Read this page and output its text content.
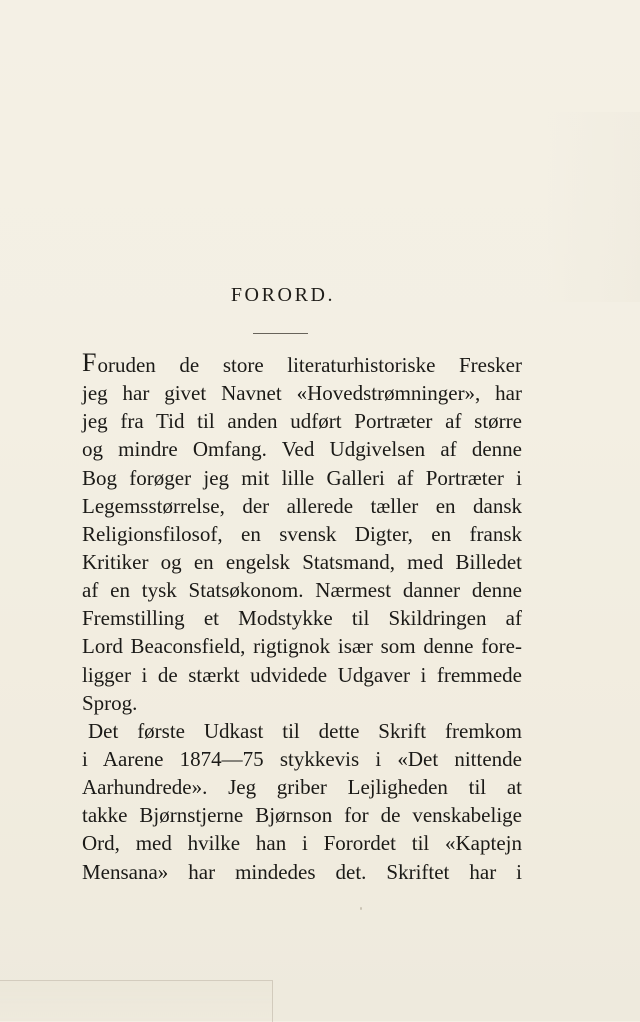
FORORD.
Foruden de store literaturhistoriske Fresker
jeg har givet Navnet «Hovedstrømninger», har
jeg fra Tid til anden udført Portræter af større
og mindre Omfang. Ved Udgivelsen af denne
Bog forøger jeg mit lille Galleri af Portræter i
Legemsstørrelse, der allerede tæller en dansk
Religionsfilosof, en svensk Digter, en fransk
Kritiker og en engelsk Statsmand, med Billedet
af en tysk Statsøkonom. Nærmest danner denne
Fremstilling et Modstykke til Skildringen af
Lord Beaconsfield, rigtignok især som denne fore-
ligger i de stærkt udvidede Udgaver i fremmede
Sprog.
Det første Udkast til dette Skrift fremkom
i Aarene 1874—75 stykkevis i «Det nittende
Aarhundrede». Jeg griber Lejligheden til at
takke Bjørnstjerne Bjørnson for de venskabelige
Ord, med hvilke han i Forordet til «Kaptejn
Mensana» har mindedes det. Skriftet har i
